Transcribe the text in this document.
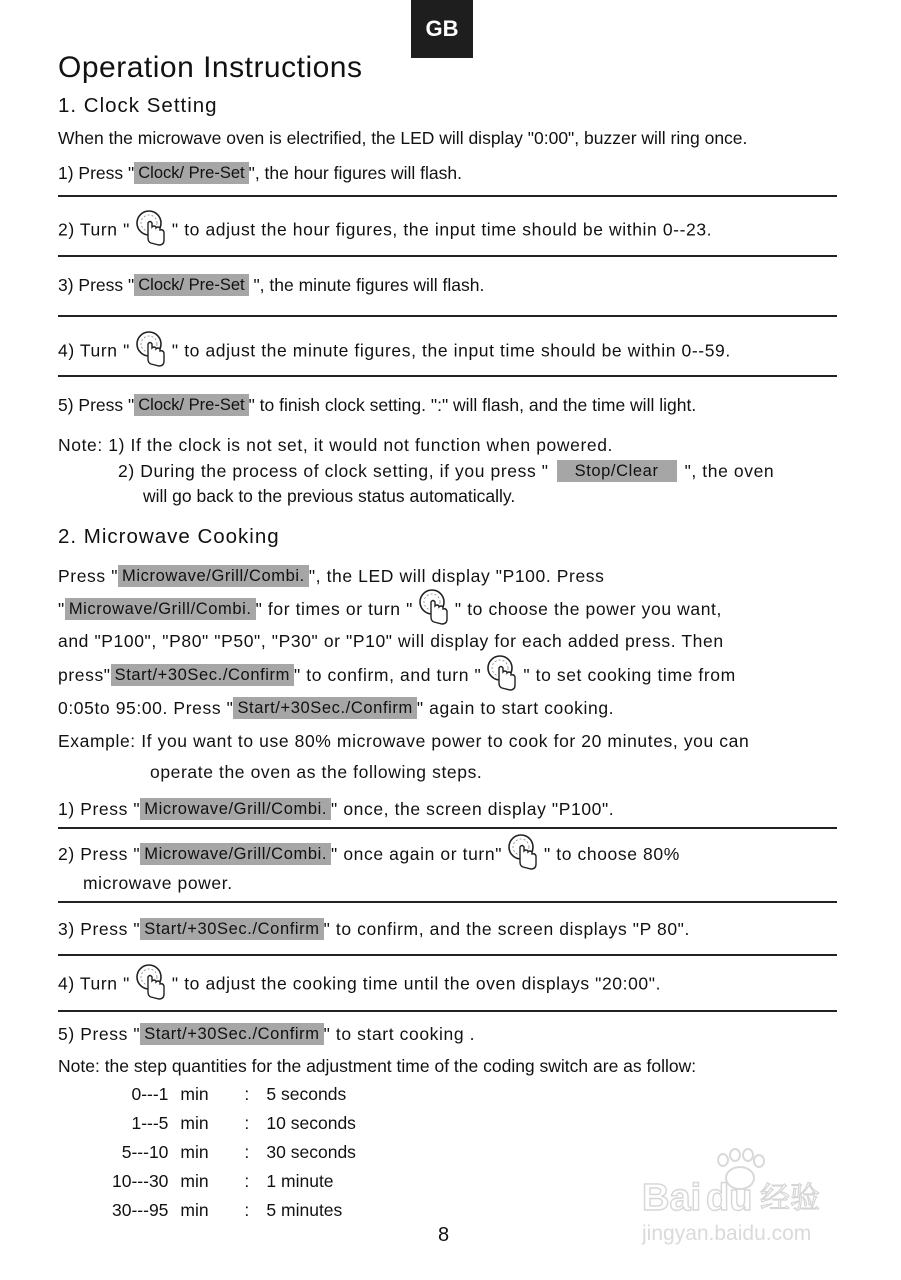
GB
Operation Instructions
1. Clock Setting
When the microwave oven is electrified, the LED will display "0:00", buzzer will ring once.
1) Press " Clock/ Pre-Set ", the hour figures will flash.
2) Turn " " to adjust the hour figures, the input time should be within 0--23.
3) Press " Clock/ Pre-Set ", the minute figures will flash.
4) Turn " " to adjust the minute figures, the input time should be within 0--59.
5) Press " Clock/ Pre-Set " to finish clock setting. ":" will flash, and the time will light.
Note: 1) If the clock is not set, it would not function when powered.
2) During the process of clock setting, if you press " Stop/Clear ", the oven
will go back to the previous status automatically.
2. Microwave Cooking
Press " Microwave/Grill/Combi. ", the LED will display "P100. Press
" Microwave/Grill/Combi. " for times or turn " " to choose the power you want,
and "P100", "P80" "P50", "P30" or "P10" will display for each added press. Then
press" Start/+30Sec./Confirm " to confirm, and turn " " to set cooking time from
0:05to 95:00. Press " Start/+30Sec./Confirm " again to start cooking.
Example: If you want to use 80% microwave power to cook for 20 minutes, you can
operate the oven as the following steps.
1) Press " Microwave/Grill/Combi. " once, the screen display "P100".
2) Press " Microwave/Grill/Combi. " once again or turn" " to choose 80%
microwave power.
3) Press " Start/+30Sec./Confirm " to confirm, and the screen displays "P 80".
4) Turn " " to adjust the cooking time until the oven displays "20:00".
5) Press " Start/+30Sec./Confirm " to start cooking .
Note: the step quantities for the adjustment time of the coding switch are as follow:
0---1	min	:	5 seconds
1---5	min	:	10 seconds
5---10	min	:	30 seconds
10---30	min	:	1 minute
30---95	min	:	5 minutes	Bai du 经验
jingyan.baidu.com
8
